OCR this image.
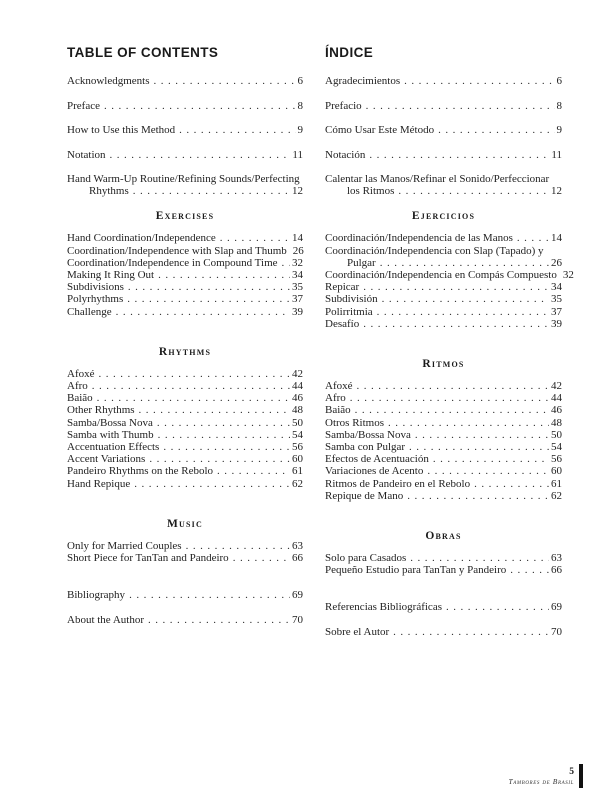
TABLE OF CONTENTS
Acknowledgments .....	6
Preface .....	8
How to Use this Method .....	9
Notation .....	11
Hand Warm-Up Routine/Refining Sounds/Perfecting
Rhythms .....	12
Exercises
Hand Coordination/Independence .....	14
Coordination/Independence with Slap and Thumb 26
Coordination/Independence in Compound Time ..... 32
Making It Ring Out .....	34
Subdivisions .....	35
Polyrhythms .....	37
Challenge .....	39
Rhythms
Afoxé .....	42
Afro .....	44
Baião .....	46
Other Rhythms .....	48
Samba/Bossa Nova .....	50
Samba with Thumb .....	54
Accentuation Effects .....	56
Accent Variations .....	60
Pandeiro Rhythms on the Rebolo .....	61
Hand Repique .....	62
Music
Only for Married Couples .....	63
Short Piece for TanTan and Pandeiro .....	66
Bibliography .....	69
About the Author .....	70
ÍNDICE
Agradecimientos .....	6
Prefacio .....	8
Cómo Usar Este Método .....	9
Notación .....	11
Calentar las Manos/Refinar el Sonido/Perfeccionar
los Ritmos .....	12
Ejercicios
Coordinación/Independencia de las Manos .....	14
Coordinación/Independencia con Slap (Tapado) y
Pulgar .....	26
Coordinación/Independencia en Compás Compuesto 32
Repicar .....	34
Subdivisión .....	35
Polirritmia .....	37
Desafío .....	39
Ritmos
Afoxé .....	42
Afro .....	44
Baião .....	46
Otros Ritmos .....	48
Samba/Bossa Nova .....	50
Samba con Pulgar .....	54
Efectos de Acentuación .....	56
Variaciones de Acento .....	60
Ritmos de Pandeiro en el Rebolo .....	61
Repique de Mano .....	62
Obras
Solo para Casados .....	63
Pequeño Estudio para TanTan y Pandeiro .....	66
Referencias Bibliográficas .....	69
Sobre el Autor .....	70
5
Tambores de Brasil
